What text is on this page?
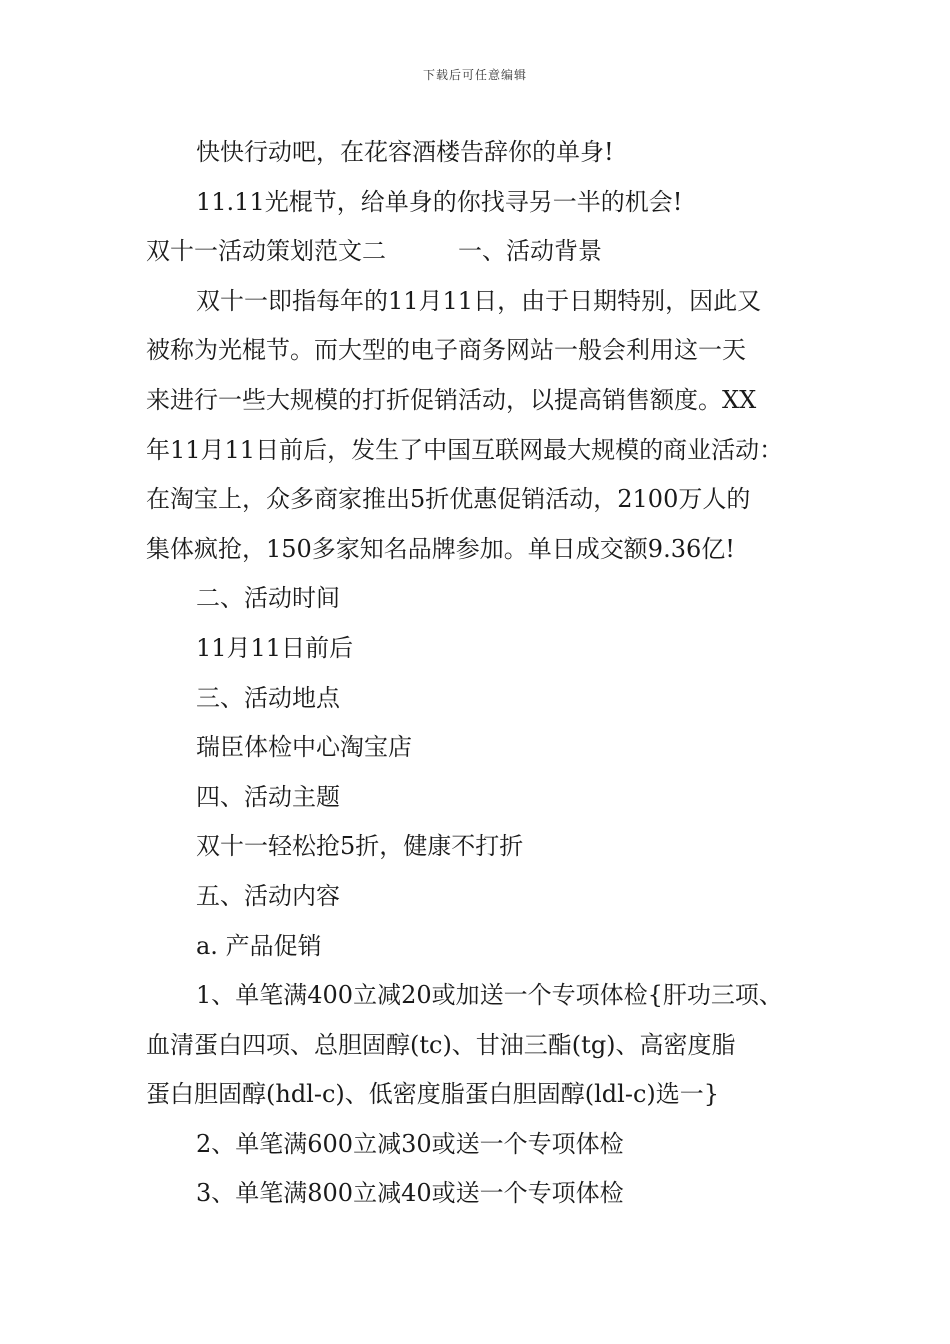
下载后可任意编辑
快快行动吧，在花容酒楼告辞你的单身!
11.11光棍节，给单身的你找寻另一半的机会!
双十一活动策划范文二	一、活动背景
双十一即指每年的11月11日，由于日期特别，因此又
被称为光棍节。而大型的电子商务网站一般会利用这一天
来进行一些大规模的打折促销活动，以提高销售额度。XX
年11月11日前后，发生了中国互联网最大规模的商业活动：
在淘宝上，众多商家推出5折优惠促销活动，2100万人的
集体疯抢，150多家知名品牌参加。单日成交额9.36亿!
二、活动时间
11月11日前后
三、活动地点
瑞臣体检中心淘宝店
四、活动主题
双十一轻松抢5折，健康不打折
五、活动内容
a. 产品促销
1、单笔满400立减20或加送一个专项体检{肝功三项、
血清蛋白四项、总胆固醇(tc)、甘油三酯(tg)、高密度脂
蛋白胆固醇(hdl-c)、低密度脂蛋白胆固醇(ldl-c)选一}
2、单笔满600立减30或送一个专项体检
3、单笔满800立减40或送一个专项体检
